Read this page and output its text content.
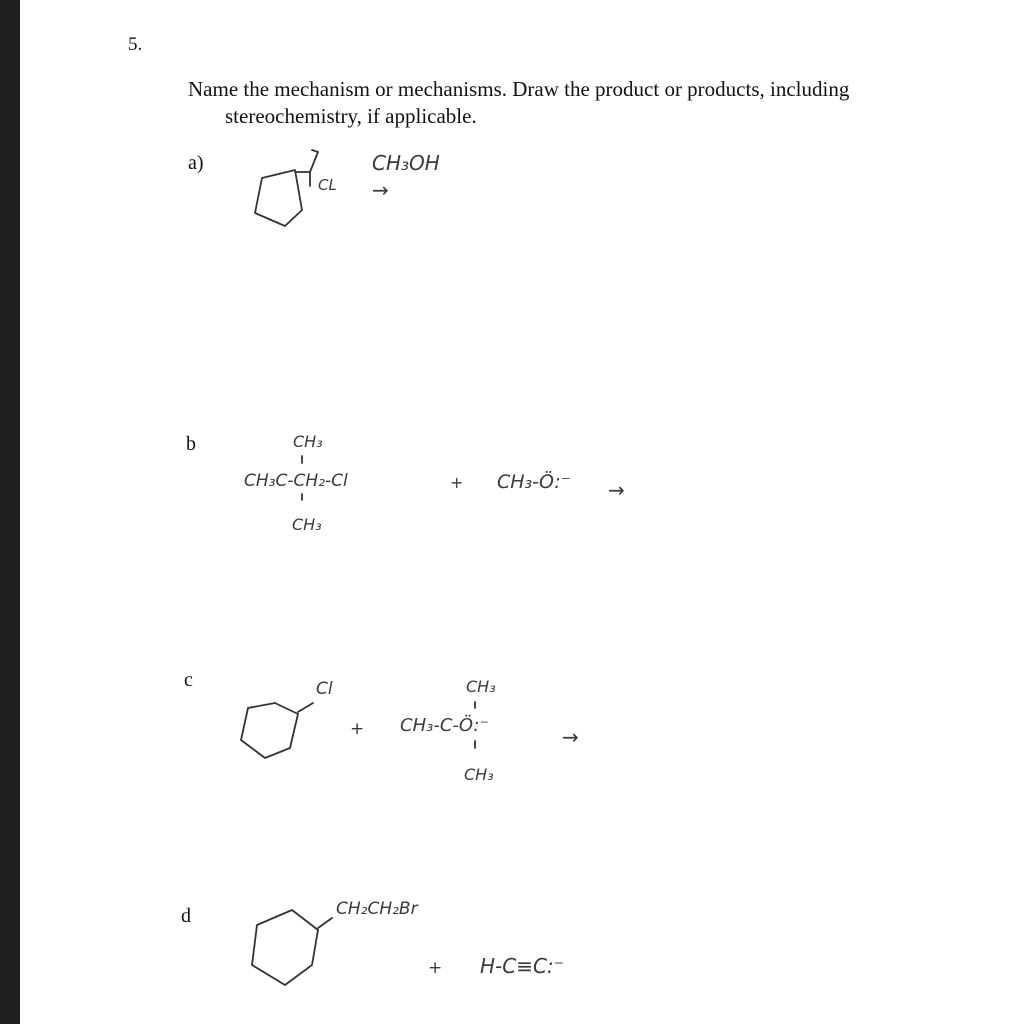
5.
Name the mechanism or mechanisms. Draw the product or products, including
stereochemistry, if applicable.
a)
b
c
d
CL
CH₃OH
→
CH₃
CH₃C-CH₂-Cl
CH₃
+ CH₃-Ö:⁻ →
Cl
+
CH₃
CH₃-C-Ö:⁻
CH₃
→
CH₂CH₂Br
+ H-C≡C:⁻
